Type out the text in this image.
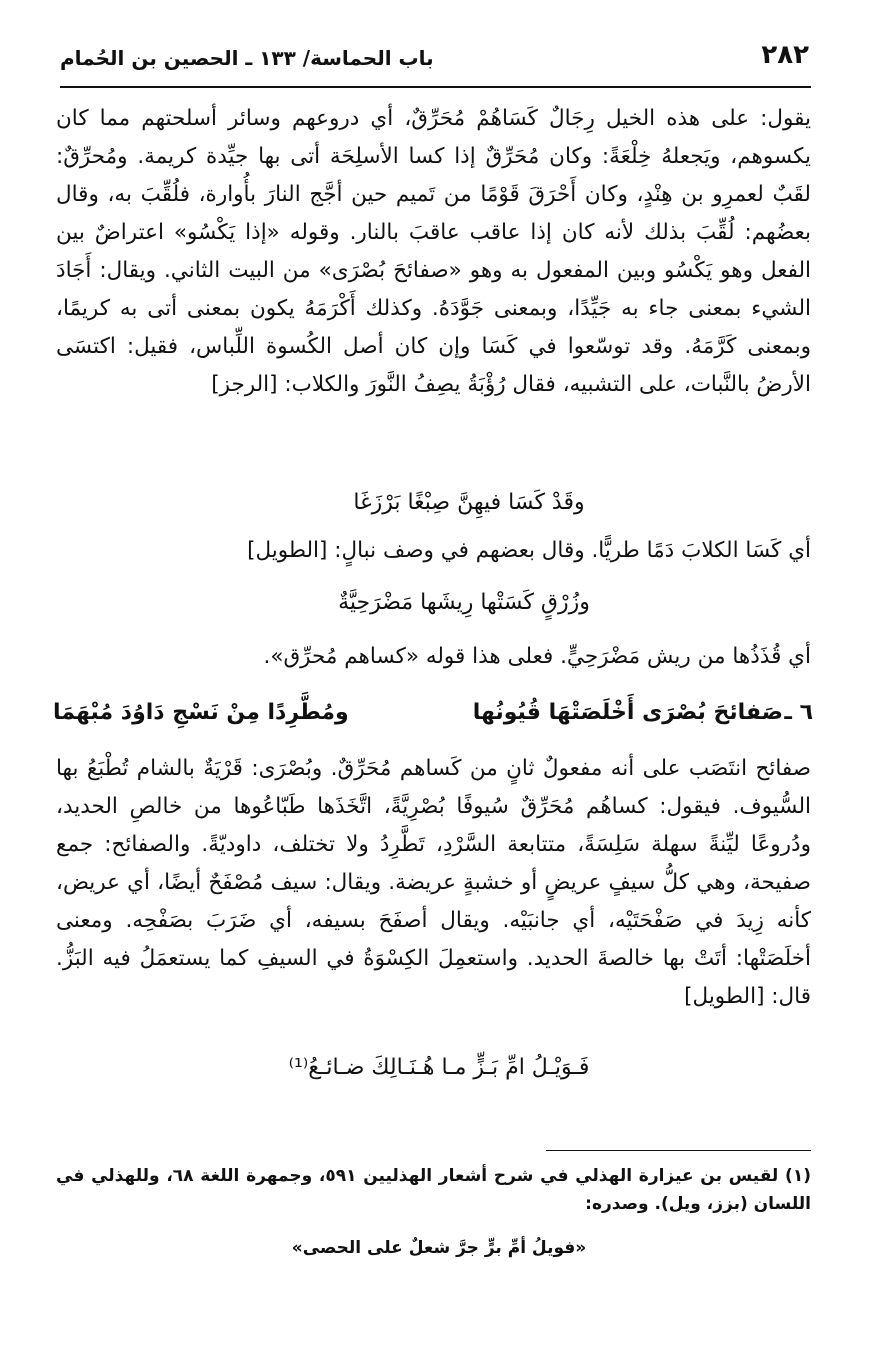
٢٨٢
باب الحماسة/ ١٣٣ ـ الحصين بن الحُمام
يقول: على هذه الخيل رِجَالٌ كَسَاهُمْ مُحَرِّقٌ، أي دروعهم وسائر أسلحتهم مما كان يكسوهم، ويَجعلهُ خِلْعَةً: وكان مُحَرِّقٌ إذا كسا الأسلِحَة أتى بها جيِّدة كريمة. ومُحرِّقٌ: لقَبٌ لعمرِو بن هِنْدٍ، وكان أَحْرَقَ قَوْمًا من تَميم حين أجَّج النارَ بأُوارة، فلُقِّبَ به، وقال بعضُهم: لُقِّبَ بذلك لأنه كان إذا عاقب عاقبَ بالنار. وقوله «إذا يَكْسُو» اعتراضٌ بين الفعل وهو يَكْسُو وبين المفعول به وهو «صفائحَ بُصْرَى» من البيت الثاني. ويقال: أَجَادَ الشيء بمعنى جاء به جَيِّدًا، وبمعنى جَوَّدَهُ. وكذلك أَكْرَمَهُ يكون بمعنى أتى به كريمًا، وبمعنى كَرَّمَهُ. وقد توسّعوا في كَسَا وإن كان أصل الكُسوة اللِّباس، فقيل: اكتسَى الأرضُ بالنَّبات، على التشبيه، فقال رُؤْبَةُ يصِفُ النَّورَ والكلاب: [الرجز]
وقَدْ كَسَا فيهِنَّ صِبْغًا بَرْزَغَا
أي كَسَا الكلابَ دَمًا طريًّا. وقال بعضهم في وصف نبالٍ: [الطويل]
وزُرْقٍ كَسَتْها رِيشَها مَضْرَحِيَّةٌ
أي قُذَذُها من ريش مَضْرَحِيٍّ. فعلى هذا قوله «كساهم مُحرِّق».
٦ ـ
صَفائحَ بُصْرَى أَخْلَصَتْهَا قُيُونُها
ومُطَّرِدًا مِنْ نَسْجِ دَاوُدَ مُبْهَمَا
صفائح انتَصَب على أنه مفعولٌ ثانٍ من كَساهم مُحَرِّقٌ. وبُصْرَى: قَرْيَةٌ بالشام تُطْبَعُ بها السُّيوف. فيقول: كساهُم مُحَرِّقٌ سُيوفًا بُصْرِيَّةً، اتَّخَذَها طَبّاعُوها من خالصِ الحديد، ودُروعًا ليِّنةً سهلة سَلِسَةً، متتابعة السَّرْدِ، تَطَّرِدُ ولا تختلف، داوديّةً. والصفائح: جمع صفيحة، وهي كلُّ سيفٍ عريضٍ أو خشبةٍ عريضة. ويقال: سيف مُصْفَحٌ أيضًا، أي عريض، كأنه زِيدَ في صَفْحَتَيْه، أي جانبَيْه. ويقال أصفَحَ بسيفه، أي ضَرَبَ بصَفْحِه. ومعنى أخلَصَتْها: أتَتْ بها خالصةَ الحديد. واستعمِلَ الكِسْوَةُ في السيفِ كما يستعمَلُ فيه البَزُّ. قال: [الطويل]
فَـوَيْـلُ امِّ بَـزٍّ مـا هُـنَـالِكَ ضـائـعُ⁽¹⁾
(١) لقيس بن عيزارة الهذلي في شرح أشعار الهذليين ٥٩١، وجمهرة اللغة ٦٨، وللهذلي في اللسان (بزز، ويل). وصدره:
«فويلُ أمِّ برٍّ جرَّ شعلٌ على الحصى»
